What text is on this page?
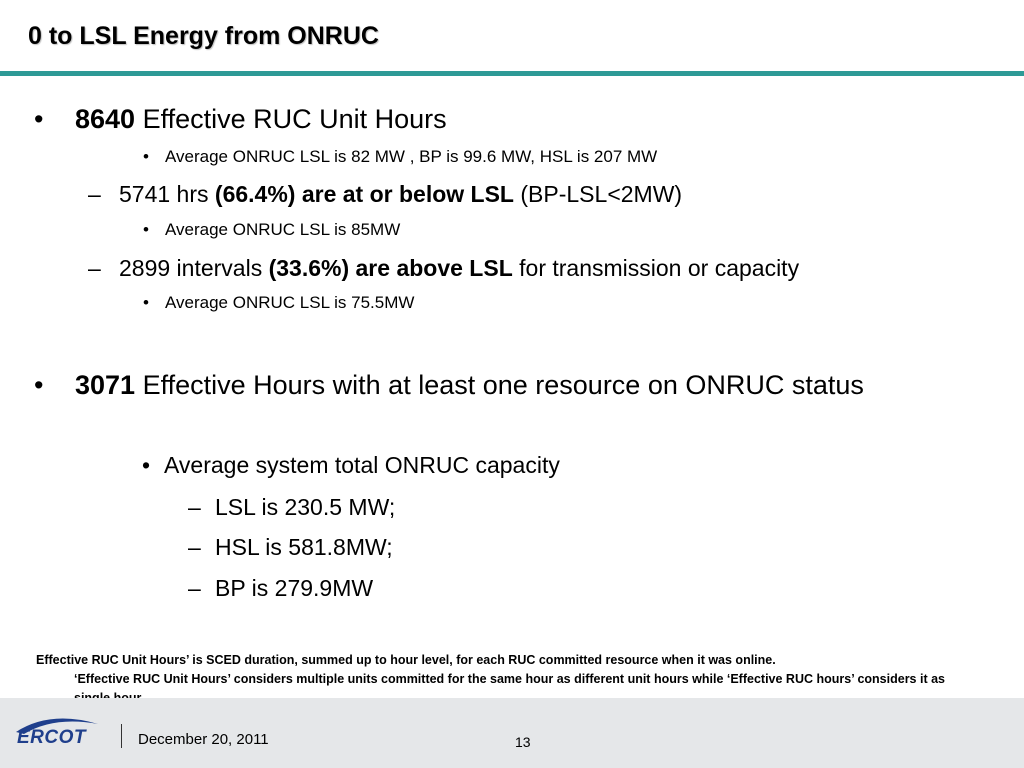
0 to LSL Energy from ONRUC
• 8640 Effective RUC Unit Hours
• Average ONRUC LSL is 82 MW , BP is 99.6 MW, HSL is 207 MW
– 5741 hrs (66.4%) are at or below LSL (BP-LSL<2MW)
• Average ONRUC LSL is 85MW
– 2899 intervals (33.6%) are above LSL for transmission or capacity
• Average ONRUC LSL is 75.5MW
• 3071 Effective Hours with at least one resource on ONRUC status
• Average system total ONRUC capacity
– LSL is 230.5 MW;
– HSL is 581.8MW;
– BP is 279.9MW

Effective RUC Unit Hours’ is SCED duration, summed up to hour level, for each RUC committed resource when it was online.
‘Effective RUC Unit Hours’ considers multiple units committed for the same hour as different unit hours while ‘Effective RUC hours’ considers it as

ERCOT	December 20, 2011	13
